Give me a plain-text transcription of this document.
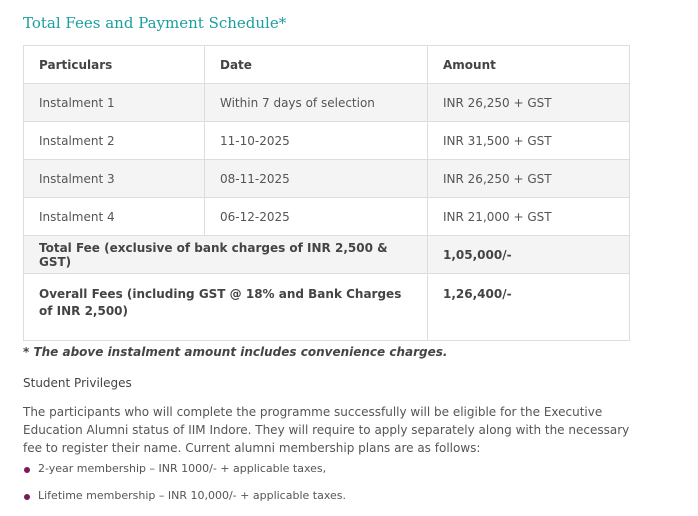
Total Fees and Payment Schedule*
Particulars	Date	Amount
Instalment 1	Within 7 days of selection	INR 26,250 + GST
Instalment 2	11-10-2025	INR 31,500 + GST
Instalment 3	08-11-2025	INR 26,250 + GST
Instalment 4	06-12-2025	INR 21,000 + GST
Total Fee (exclusive of bank charges of INR 2,500 & GST)		1,05,000/-
Overall Fees (including GST @ 18% and Bank Charges of INR 2,500)		1,26,400/-
* The above instalment amount includes convenience charges.
Student Privileges
The participants who will complete the programme successfully will be eligible for the Executive Education Alumni status of IIM Indore. They will require to apply separately along with the necessary fee to register their name. Current alumni membership plans are as follows:
2-year membership – INR 1000/- + applicable taxes,
Lifetime membership – INR 10,000/- + applicable taxes.
